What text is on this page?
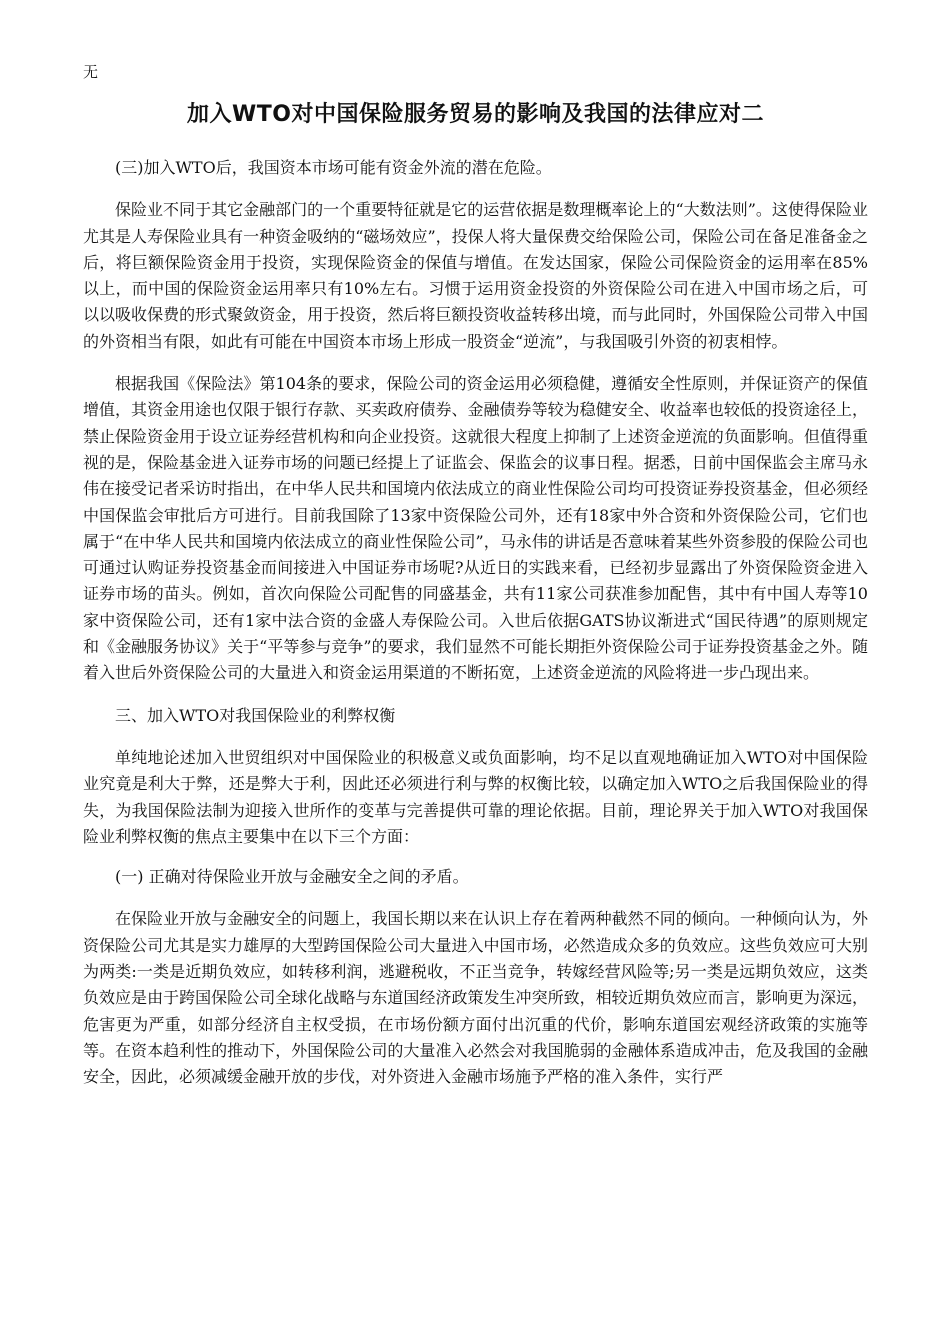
无

加入WTO对中国保险服务贸易的影响及我国的法律应对二

(三)加入WTO后，我国资本市场可能有资金外流的潜在危险。

保险业不同于其它金融部门的一个重要特征就是它的运营依据是数理概率论上的“大数法则”。这使得保险业尤其是人寿保险业具有一种资金吸纳的“磁场效应”，投保人将大量保费交给保险公司，保险公司在备足准备金之后，将巨额保险资金用于投资，实现保险资金的保值与增值。在发达国家，保险公司保险资金的运用率在85%以上，而中国的保险资金运用率只有10%左右。习惯于运用资金投资的外资保险公司在进入中国市场之后，可以以吸收保费的形式聚敛资金，用于投资，然后将巨额投资收益转移出境，而与此同时，外国保险公司带入中国的外资相当有限，如此有可能在中国资本市场上形成一股资金“逆流”，与我国吸引外资的初衷相悖。

根据我国《保险法》第104条的要求，保险公司的资金运用必须稳健，遵循安全性原则，并保证资产的保值增值，其资金用途也仅限于银行存款、买卖政府债券、金融债券等较为稳健安全、收益率也较低的投资途径上，禁止保险资金用于设立证券经营机构和向企业投资。这就很大程度上抑制了上述资金逆流的负面影响。但值得重视的是，保险基金进入证券市场的问题已经提上了证监会、保监会的议事日程。据悉，日前中国保监会主席马永伟在接受记者采访时指出，在中华人民共和国境内依法成立的商业性保险公司均可投资证券投资基金，但必须经中国保监会审批后方可进行。目前我国除了13家中资保险公司外，还有18家中外合资和外资保险公司，它们也属于“在中华人民共和国境内依法成立的商业性保险公司”，马永伟的讲话是否意味着某些外资参股的保险公司也可通过认购证券投资基金而间接进入中国证券市场呢?从近日的实践来看，已经初步显露出了外资保险资金进入证券市场的苗头。例如，首次向保险公司配售的同盛基金，共有11家公司获准参加配售，其中有中国人寿等10家中资保险公司，还有1家中法合资的金盛人寿保险公司。入世后依据GATS协议渐进式“国民待遇”的原则规定和《金融服务协议》关于“平等参与竞争”的要求，我们显然不可能长期拒外资保险公司于证券投资基金之外。随着入世后外资保险公司的大量进入和资金运用渠道的不断拓宽，上述资金逆流的风险将进一步凸现出来。

三、加入WTO对我国保险业的利弊权衡

单纯地论述加入世贸组织对中国保险业的积极意义或负面影响，均不足以直观地确证加入WTO对中国保险业究竟是利大于弊，还是弊大于利，因此还必须进行利与弊的权衡比较，以确定加入WTO之后我国保险业的得失，为我国保险法制为迎接入世所作的变革与完善提供可靠的理论依据。目前，理论界关于加入WTO对我国保险业利弊权衡的焦点主要集中在以下三个方面：

(一) 正确对待保险业开放与金融安全之间的矛盾。

在保险业开放与金融安全的问题上，我国长期以来在认识上存在着两种截然不同的倾向。一种倾向认为，外资保险公司尤其是实力雄厚的大型跨国保险公司大量进入中国市场，必然造成众多的负效应。这些负效应可大别为两类:一类是近期负效应，如转移利润，逃避税收，不正当竞争，转嫁经营风险等;另一类是远期负效应，这类负效应是由于跨国保险公司全球化战略与东道国经济政策发生冲突所致，相较近期负效应而言，影响更为深远，危害更为严重，如部分经济自主权受损，在市场份额方面付出沉重的代价，影响东道国宏观经济政策的实施等等。在资本趋利性的推动下，外国保险公司的大量准入必然会对我国脆弱的金融体系造成冲击，危及我国的金融安全，因此，必须减缓金融开放的步伐，对外资进入金融市场施予严格的准入条件，实行严
